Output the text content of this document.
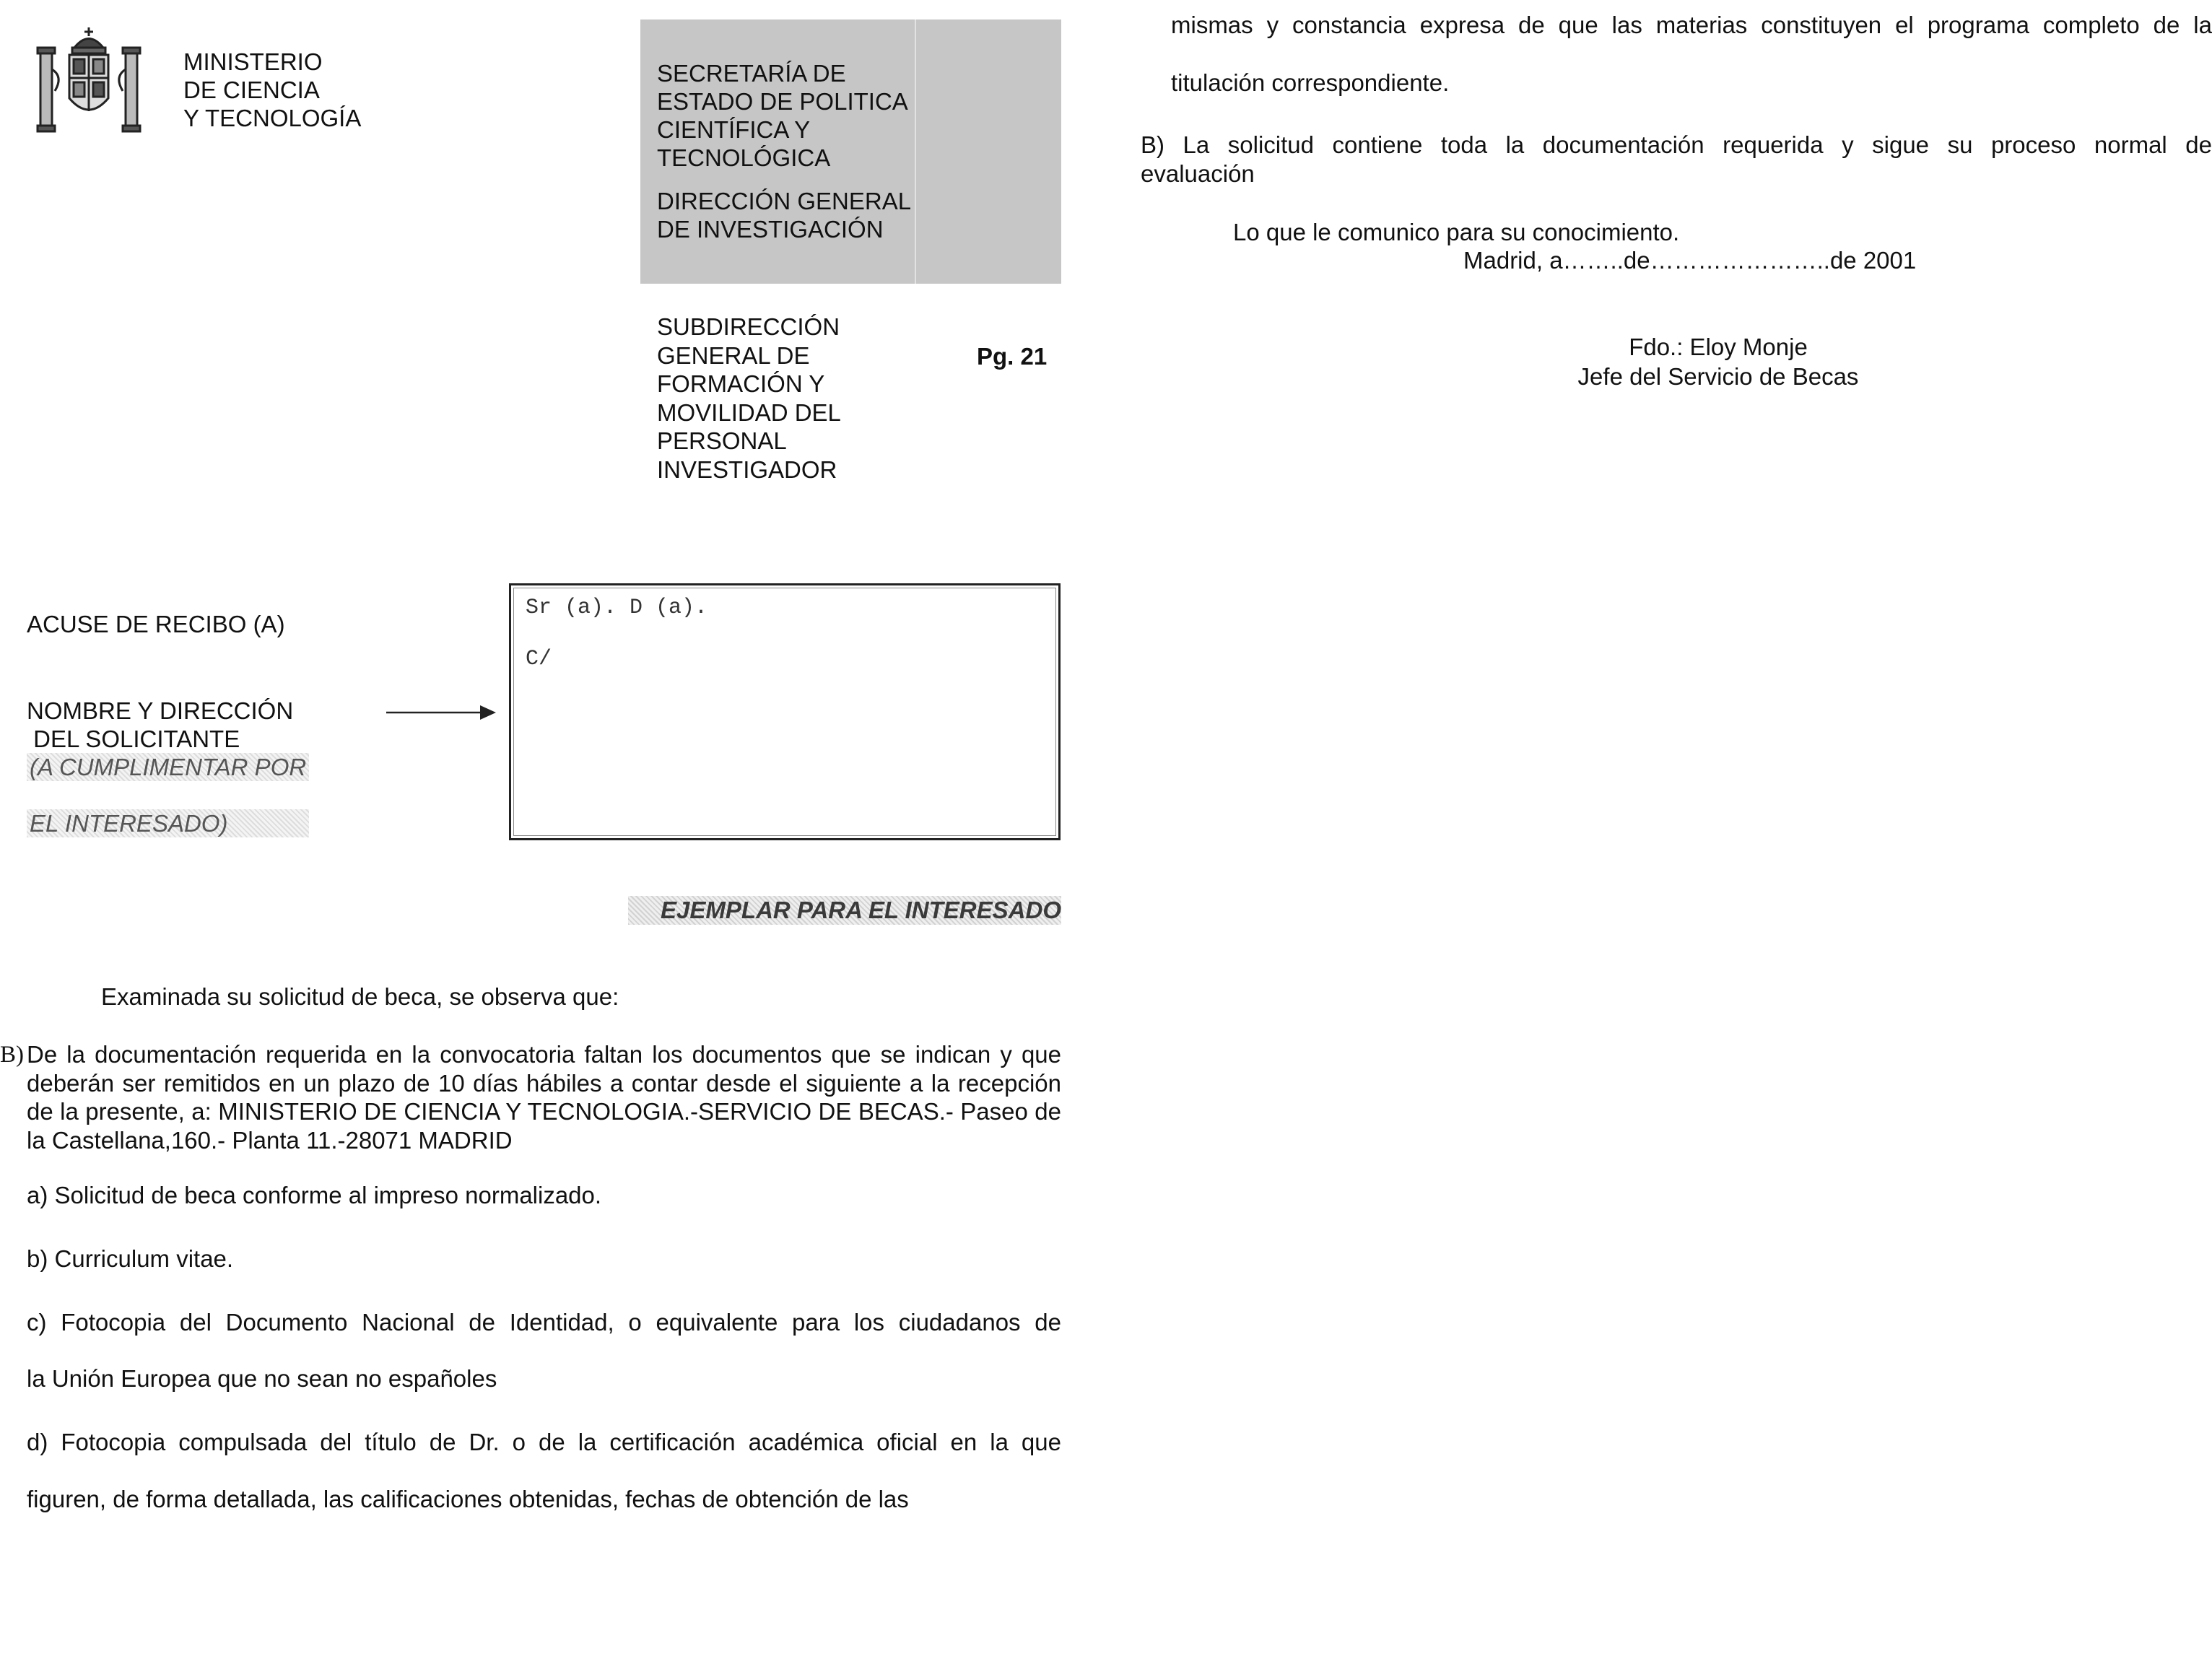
MINISTERIO
DE CIENCIA
Y TECNOLOGÍA
SECRETARÍA DE
ESTADO DE POLITICA
CIENTÍFICA Y
TECNOLÓGICA
DIRECCIÓN GENERAL
DE INVESTIGACIÓN
SUBDIRECCIÓN
GENERAL DE
FORMACIÓN Y
MOVILIDAD DEL
PERSONAL
INVESTIGADOR
Pg. 21
ACUSE DE RECIBO (A)
NOMBRE Y DIRECCIÓN
DEL SOLICITANTE
(A CUMPLIMENTAR POR

EL INTERESADO)
Sr (a). D (a).
C/
EJEMPLAR PARA EL INTERESADO
Examinada su solicitud de beca, se observa que:
B) De la documentación requerida en la convocatoria faltan los documentos que se indican y que deberán ser remitidos en un plazo de 10 días hábiles a contar desde el siguiente a la recepción de la presente, a: MINISTERIO DE CIENCIA Y TECNOLOGIA.-SERVICIO DE BECAS.- Paseo de la Castellana,160.- Planta 11.-28071 MADRID
a) Solicitud de beca conforme al impreso normalizado.
b) Curriculum vitae.
c) Fotocopia del Documento Nacional de Identidad, o equivalente para los ciudadanos de
la Unión Europea que no sean no españoles
d) Fotocopia compulsada del título de Dr. o de la certificación académica oficial en la que
figuren, de forma detallada, las calificaciones obtenidas, fechas de obtención de las
mismas y constancia expresa de que las materias constituyen el programa completo de la
titulación correspondiente.
B) La solicitud contiene toda la documentación requerida y sigue su proceso normal de
evaluación
Lo que le comunico para su conocimiento.
Madrid, a……..de…………………..de 2001
Fdo.: Eloy Monje
Jefe del Servicio de Becas
